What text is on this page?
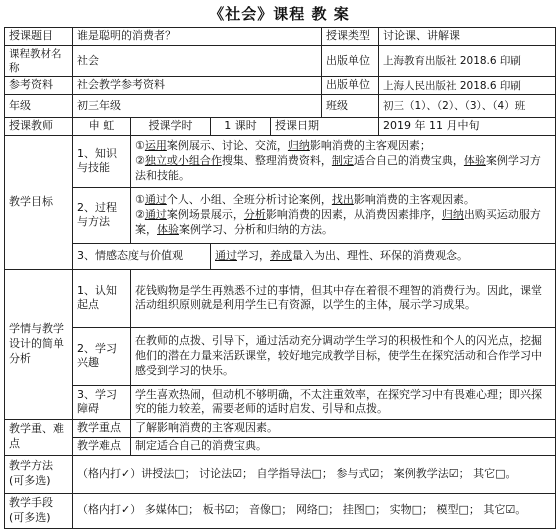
《社会》课程 教 案
授课题目	谁是聪明的消费者？				授课类型	讨论课、讲解课
课程教材名称	社会				出版单位	上海教育出版社 2018.6 印刷
参考资料	社会教学参考资料				出版单位	上海人民出版社 2018.6 印刷
年级	初三年级				班级	初三（1）、（2）、（3）、（4）班
授课教师	申 虹	授课学时	1 课时	授课日期		2019 年 11 月中旬
教学目标	1、知识与技能	①运用案例展示、讨论、交流，归纳影响消费的主客观因素；
②独立或小组合作搜集、整理消费资料，制定适合自己的消费宝典，体验案例学习方法和技能。				

	2、过程与方法	①通过个人、小组、全班分析讨论案例，找出影响消费的主客观因素。
②通过案例场景展示，分析影响消费的因素，从消费因素排序，归纳出购买运动服方案，体验案例学习、分析和归纳的方法。				

	3、情感态度与价值观		通过学习，养成量入为出、理性、环保的消费观念。			
学情与教学设计的简单分析	1、认知起点	花钱购物是学生再熟悉不过的事情，但其中存在着很不理智的消费行为。因此，课堂活动组织原则就是利用学生已有资源，以学生的主体，展示学习成果。				
	2、学习兴趣	在教师的点拨、引导下，通过活动充分调动学生学习的积极性和个人的闪光点，挖掘他们的潜在力量来活跃课堂，较好地完成教学目标，使学生在探究活动和合作学习中感受到学习的快乐。				
	3、学习障碍	学生喜欢热闹，但动机不够明确，不太注重效率，在探究学习中有畏难心理；即兴探究的能力较差，需要老师的适时启发、引导和点拨。				
教学重、难点	教学重点	了解影响消费的主客观因素。				
	教学难点	制定适合自己的消费宝典。				
教学方法(可多选)	（格内打✓）讲授法□； 讨论法☑； 自学指导法□； 参与式☑； 案例教学法☑； 其它□。					
教学手段(可多选)	（格内打✓） 多媒体□； 板书☑； 音像□； 网络□； 挂图□； 实物□； 模型□； 其它☑。					
